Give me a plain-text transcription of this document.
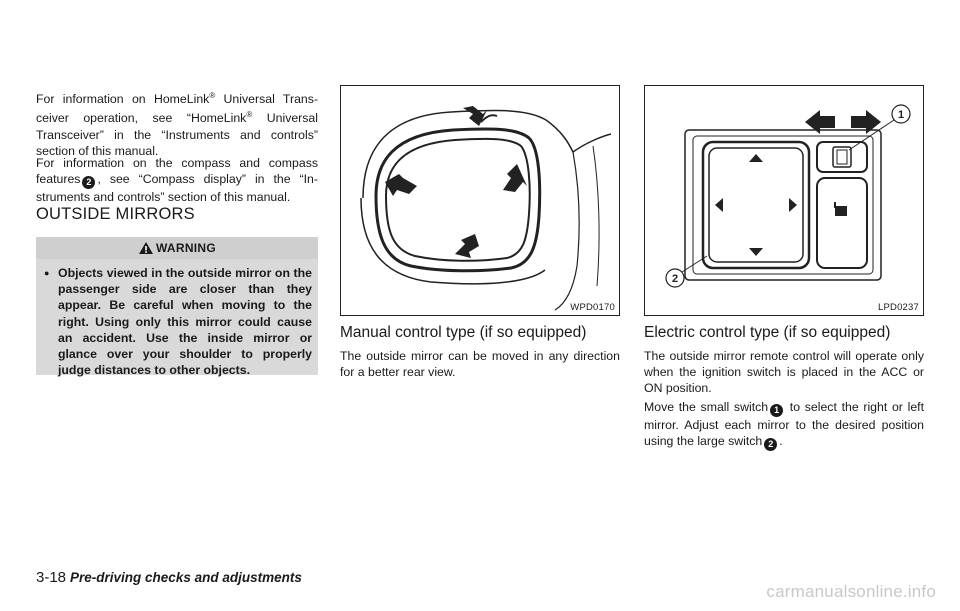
For information on HomeLink® Universal Trans-ceiver operation, see “HomeLink® Universal Transceiver” in the “Instruments and controls” section of this manual.

For information on the compass and compass features 2 , see “Compass display” in the “In-struments and controls” section of this manual.

OUTSIDE MIRRORS
WARNING
● Objects viewed in the outside mirror on the passenger side are closer than they appear. Be careful when moving to the right. Using only this mirror could cause an accident. Use the inside mirror or glance over your shoulder to properly judge distances to other objects.
WPD0170
1
2
LPD0237
Manual control type (if so equipped)

The outside mirror can be moved in any direction for a better rear view.

Electric control type (if so equipped)

The outside mirror remote control will operate only when the ignition switch is placed in the ACC or ON position.

Move the small switch 1 to select the right or left mirror. Adjust each mirror to the desired position using the large switch 2 .

3-18 Pre-driving checks and adjustments
carmanualsonline.info
